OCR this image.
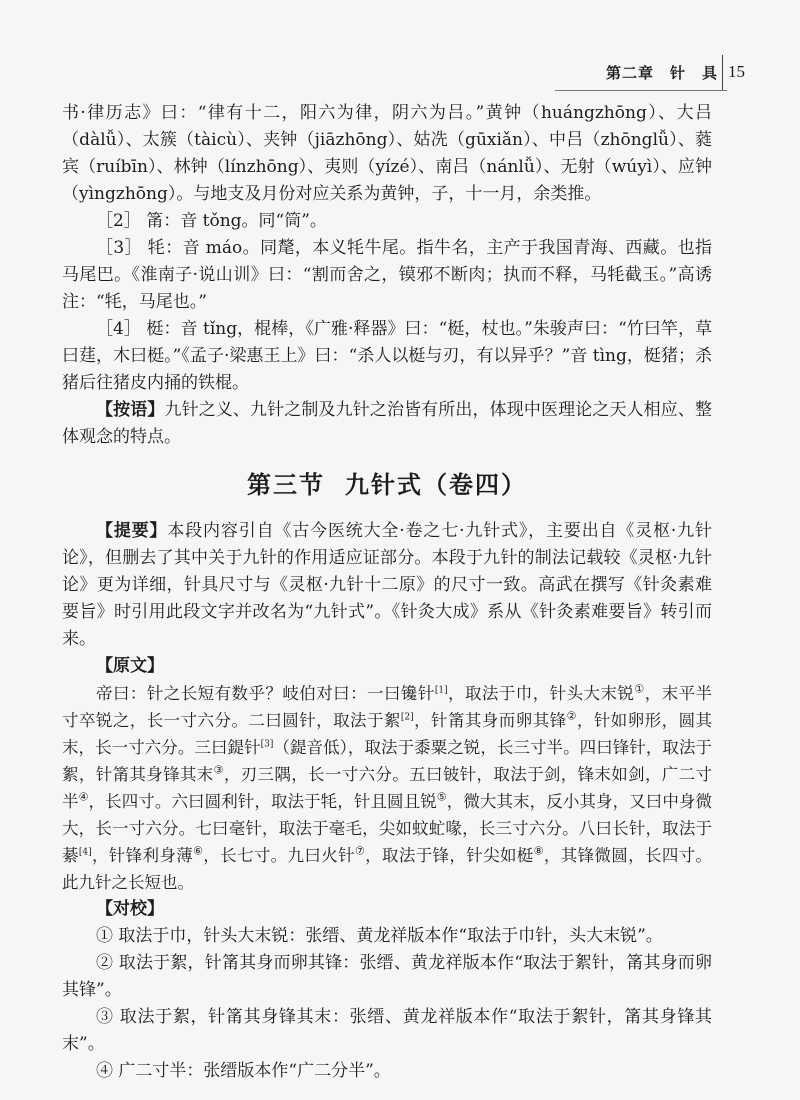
第二章　针　具 15

书·律历志》曰：“律有十二，阳六为律，阴六为吕。”黄钟（huángzhōng）、大吕（dàlǚ）、太簇（tàicù）、夹钟（jiāzhōng）、姑冼（gūxiǎn）、中吕（zhōnglǚ）、蕤宾（ruíbīn）、林钟（línzhōng）、夷则（yízé）、南吕（nánlǚ）、无射（wúyì）、应钟（yìngzhōng）。与地支及月份对应关系为黄钟，子，十一月，余类推。

［2］ 筩：音 tǒng。同“筒”。

［3］ 牦：音 máo。同氂，本义牦牛尾。指牛名，主产于我国青海、西藏。也指马尾巴。《淮南子·说山训》曰：“割而舍之，镆邪不断肉；执而不释，马牦截玉。”高诱注：“牦，马尾也。”

［4］ 梃：音 tǐng，棍棒，《广雅·释器》曰：“梃，杖也。”朱骏声曰：“竹曰竿，草曰莛，木曰梃。”《孟子·梁惠王上》曰：“杀人以梃与刃，有以异乎？”音 tìng，梃猪；杀猪后往猪皮内捅的铁棍。

【按语】九针之义、九针之制及九针之治皆有所出，体现中医理论之天人相应、整体观念的特点。

第三节 九针式（卷四）

【提要】本段内容引自《古今医统大全·卷之七·九针式》，主要出自《灵枢·九针论》，但删去了其中关于九针的作用适应证部分。本段于九针的制法记载较《灵枢·九针论》更为详细，针具尺寸与《灵枢·九针十二原》的尺寸一致。高武在撰写《针灸素难要旨》时引用此段文字并改名为“九针式”。《针灸大成》系从《针灸素难要旨》转引而来。

【原文】

帝曰：针之长短有数乎？岐伯对曰：一曰镵针[1]，取法于巾，针头大末锐①，末平半寸卒锐之，长一寸六分。二曰圆针，取法于絮[2]，针筩其身而卵其锋②，针如卵形，圆其末，长一寸六分。三曰鍉针[3]（鍉音低），取法于黍粟之锐，长三寸半。四曰锋针，取法于絮，针筩其身锋其末③，刃三隅，长一寸六分。五曰铍针，取法于剑，锋末如剑，广二寸半④，长四寸。六曰圆利针，取法于牦，针且圆且锐⑤，微大其末，反小其身，又曰中身微大，长一寸六分。七曰毫针，取法于毫毛，尖如蚊虻喙，长三寸六分。八曰长针，取法于綦[4]，针锋利身薄⑥，长七寸。九曰火针⑦，取法于锋，针尖如梃⑧，其锋微圆，长四寸。此九针之长短也。

【对校】

① 取法于巾，针头大末锐：张缙、黄龙祥版本作“取法于巾针，头大末锐”。

② 取法于絮，针筩其身而卵其锋：张缙、黄龙祥版本作“取法于絮针，筩其身而卵其锋”。

③ 取法于絮，针筩其身锋其末：张缙、黄龙祥版本作“取法于絮针，筩其身锋其末”。

④ 广二寸半：张缙版本作“广二分半”。
